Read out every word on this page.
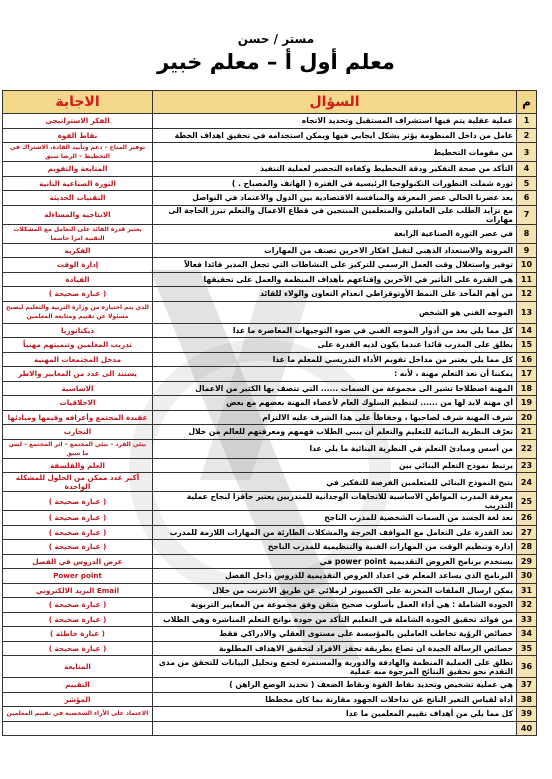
مستر / حسن
معلم أول أ – معلم خبير
م	السؤال	الاجابة
1	عملية عقلية يتم فيها استشراف المستقبل وتحديد الاتجاه	الفكر الاستراتيجي
2	عامل من داخل المنظومة يؤثر بشكل ايجابي فيها ويمكن استخدامه في تحقيق اهداف الخطة	نقاط القوة
3	من مقومات التخطيط	توفير المناخ – دعم وتأييد القادة، الاشتراك في التخطيط – الرضا سبق
4	التأكد من صحة التفكير ودقة التخطيط وكفاءة التحضير لعملية التنفيذ	المتابعة والتقويم
5	ثورة شملت التطورات التكنولوجيا الرئيسية في الفترة ( الهاتف والمصباح . )	الثورة الصناعية الثانية
6	يعد عصرنا الحالي عصر المعرفة والمنافسة الاقتصادية بين الدول والاعتماد في التواصل	التقنيات الحديثة
7	مع تزايد الطلب على العاملين والمتعلمين المنتجين في قطاع الاعمال والتعلم تبرز الحاجة الى مهارات	الانتاجية والمساءلة
8	في عصر الثورة الصناعية الرابعة	يعتبر قدرة القائد على التعامل مع المشكلات التقنية امرا حاسما
9	المرونة والاستعداد الذهني لتقبل افكار الاخرين تصنف من المهارات	الفكرية
10	توفير واستغلال وقت العمل الرسمي للتركيز على النشاطات التي تجعل المدير قائدا فعالاً	إدارة الوقت
11	هي القدرة على التأثير في الآخرين وإقناعهم بأهداف المنظمة والعمل على تحقيقها	القيادة
12	من أهم المآخذ على النمط الأوتوقراطي انعدام التعاون والولاء للقائد	( عبارة صحيحة )
13	الموجه الفني هو الشخص	الذي يتم اختياره من وزارة التربية والتعليم ليصبح مسئولا عن تقييم ومتابعة المعلمين
14	كل مما يلي يعد من أدوار الموجه الفني في ضوء التوجيهات المعاصرة ما عدا	ديكتاتوريا
15	يطلق على المدرب قائدا عندما يكون لديه القدرة على	تدريب المعلمين وتنميتهم مهنياً
16	كل مما يلي يعتبر من مداخل تقويم الأداء التدريسي للمعلم ما عدا	مدخل المجتمعات المهنية
17	يمكننا أن نعد التعلم مهنة ، لأنه :	يستند الى عدد من المعايير والاطر
18	المهنة اصطلاحا تشير الى مجموعة من السمات ...... التي تتصف بها الكثير من الاعمال	الاساسية
19	أي مهنة لابد لها من ...... لتنظيم السلوك العام لأعضاء المهنة بعضهم مع بعض	الاخلاقيات
20	شرف المهنة شرف لصاحبها ، وحفاظاً على هذا الشرف عليه الالتزام	عقيدة المجتمع وأعرافه وقيمها ومبادئها
21	تعرّف النظرية البنائية للتعليم والتعلم أن يبني الطلاب فهمهم ومعرفتهم للعالم من خلال	التجارب
22	من أسس ومبادئ التعلم في النظرية البنائية ما يلي عدا	بيئي الفرد – بيئي المجتمع – اثر المجتمع – ليس ما سبق
23	يرتبط نموذج التعلم البنائي بين	العلم والفلسفة
24	يتيح النموذج البنائي للمتعلمين الفرصة للتفكير في	أكبر عدد ممكن من الحلول للمشكلة الواحدة
25	معرفة المدرب المواطن الاساسية للاتجاهات الوجدانية للمتدربين يعتبر حافزا لنجاح عملية التدريب	( عبارة صحيحة )
26	تعد لغة الجسد من السمات الشخصية للمدرب الناجح	( عبارة صحيحة )
27	تعد القدرة على التعامل مع المواقف الحرجة والمشكلات الطارئة من المهارات اللازمة للمدرب	( عبارة صحيحة )
28	إدارة وتنظيم الوقت من المهارات الفنية والتنظيمية للمدرب الناجح	( عبارة صحيحة )
29	يستخدم برنامج العروض التقديمية power point في	عرض الدروس في الفصل
30	البرنامج الذي يساعد المعلم في اعداد العروض التقديمية للدروس داخل الفصل	Power point
31	يمكن ارسال الملفات المخزنة على الكمبيوتر لزملائي عن طريق الانترنت من خلال	Email البريد الالكتروني
32	الجودة الشاملة : هي أداء العمل بأسلوب صحيح متقن وفق مجموعة من المعايير التربوية	( عبارة صحيحة )
33	من فوائد تحقيق الجودة الشاملة في التعليم التأكد من جودة نواتج التعلم المباشرة وهي الطلاب	( عبارة صحيحة )
34	خصائص الرؤية تخاطب العاملين بالمؤسسة على مستوى العقلي والادراكي فقط	( عبارة خاطئة )
35	خصائص الرسالة الجيدة ان تصاغ بطريقة تحفز الافراد لتحقيق الاهداف المطلوبة	( عبارة صحيحة )
36	تطلق على العملية المنظمة والهادفة والدورية والمستمرة لجمع وتحليل البيانات للتحقق من مدى التقدم نحو تحقيق النتائج المرجوة منه عملية	المتابعة
37	هي عملية تشخيص وتحديد نقاط القوة ونقاط الضعف ( تحديد الوضع الراهن )	التقييم
38	أداة لقياس التغير الناتج عن تداخلات الجهود مقارنة بما كان مخططا	المؤشر
39	كل مما يلي من أهداف تقييم المعلمين ما عدا	الاعتماد على الأراء الشخصية في تقييم المعلمين
40		
